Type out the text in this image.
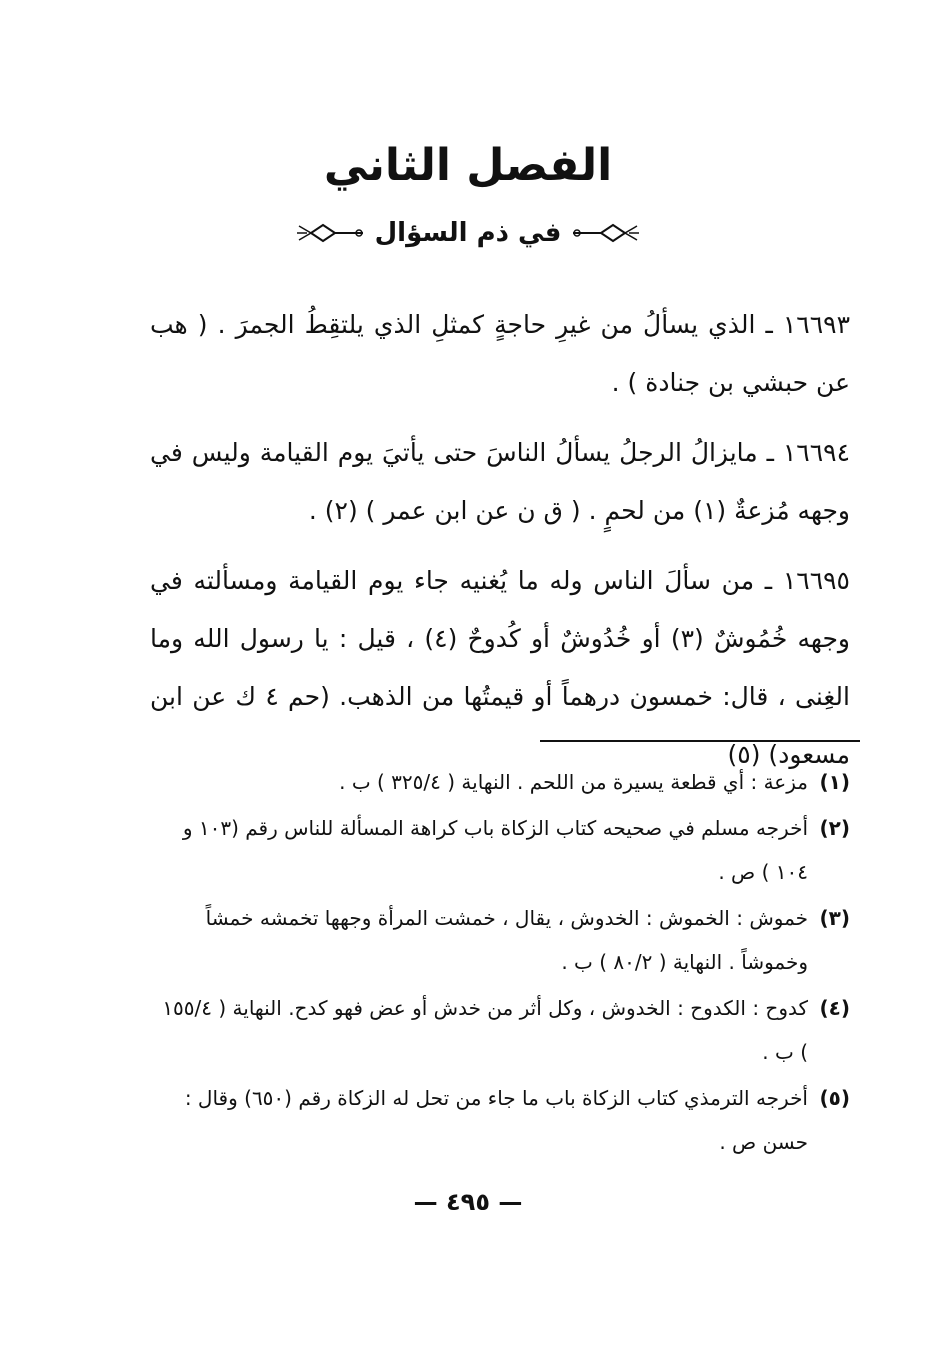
الفصل الثاني
في ذم السؤال

١٦٦٩٣ ـ الذي يسألُ من غيرِ حاجةٍ كمثلِ الذي يلتقِطُ الجمرَ . ( هب عن حبشي بن جنادة ) .

١٦٦٩٤ ـ مايزالُ الرجلُ يسألُ الناسَ حتى يأتيَ يوم القيامة وليس في وجهه مُزعةٌ (١) من لحمٍ . ( ق ن عن ابن عمر ) (٢) .

١٦٦٩٥ ـ من سألَ الناس وله ما يُغنيه جاء يوم القيامة ومسألته في وجهه خُمُوشٌ (٣) أو خُدُوشٌ أو كُدوحٌ (٤) ، قيل : يا رسول الله وما الغِنى ، قال: خمسون درهماً أو قيمتُها من الذهب. (حم ٤ ك عن ابن مسعود) (٥)

(١)
مزعة : أي قطعة يسيرة من اللحم . النهاية ( ٣٢٥/٤ ) ب .

(٢)
أخرجه مسلم في صحيحه كتاب الزكاة باب كراهة المسألة للناس رقم (١٠٣ و ١٠٤ ) ص .

(٣)
خموش : الخموش : الخدوش ، يقال ، خمشت المرأة وجهها تخمشه خمشاً وخموشاً . النهاية ( ٨٠/٢ ) ب .

(٤)
كدوح : الكدوح : الخدوش ، وكل أثر من خدش أو عض فهو كدح. النهاية ( ١٥٥/٤ ) ب .

(٥)
أخرجه الترمذي كتاب الزكاة باب ما جاء من تحل له الزكاة رقم (٦٥٠) وقال : حسن ص .

— ٤٩٥ —
